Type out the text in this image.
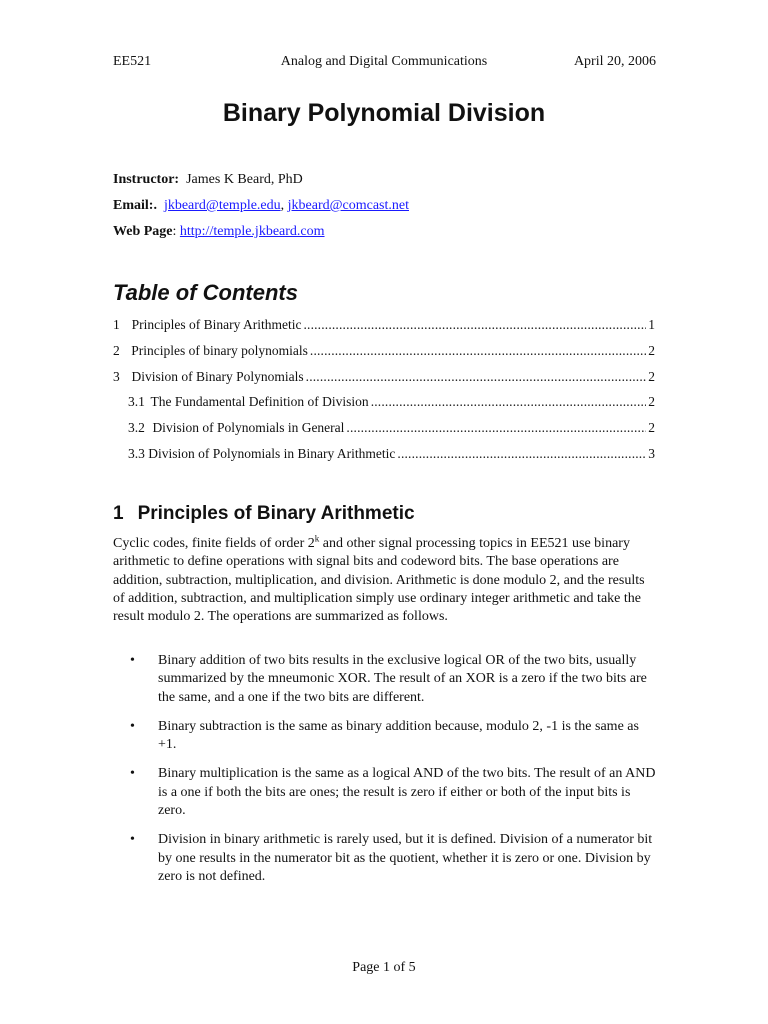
EE521	Analog and Digital Communications	April 20, 2006
Binary Polynomial Division
Instructor: James K Beard, PhD
Email:. jkbeard@temple.edu, jkbeard@comcast.net
Web Page: http://temple.jkbeard.com
Table of Contents
1 Principles of Binary Arithmetic . . .	1
2 Principles of binary polynomials . . .	2
3 Division of Binary Polynomials . . .	2
3.1 The Fundamental Definition of Division . . .	2
3.2 Division of Polynomials in General . . .	2
3.3 Division of Polynomials in Binary Arithmetic . . .	3
1 Principles of Binary Arithmetic
Cyclic codes, finite fields of order 2$^k$ and other signal processing topics in EE521 use binary arithmetic to define operations with signal bits and codeword bits. The base operations are addition, subtraction, multiplication, and division. Arithmetic is done modulo 2, and the results of addition, subtraction, and multiplication simply use ordinary integer arithmetic and take the result modulo 2. The operations are summarized as follows.
• Binary addition of two bits results in the exclusive logical OR of the two bits, usually summarized by the mneumonic XOR. The result of an XOR is a zero if the two bits are the same, and a one if the two bits are different.
• Binary subtraction is the same as binary addition because, modulo 2, -1 is the same as +1.
• Binary multiplication is the same as a logical AND of the two bits. The result of an AND is a one if both the bits are ones; the result is zero if either or both of the input bits is zero.
• Division in binary arithmetic is rarely used, but it is defined. Division of a numerator bit by one results in the numerator bit as the quotient, whether it is zero or one. Division by zero is not defined.
Page 1 of 5
